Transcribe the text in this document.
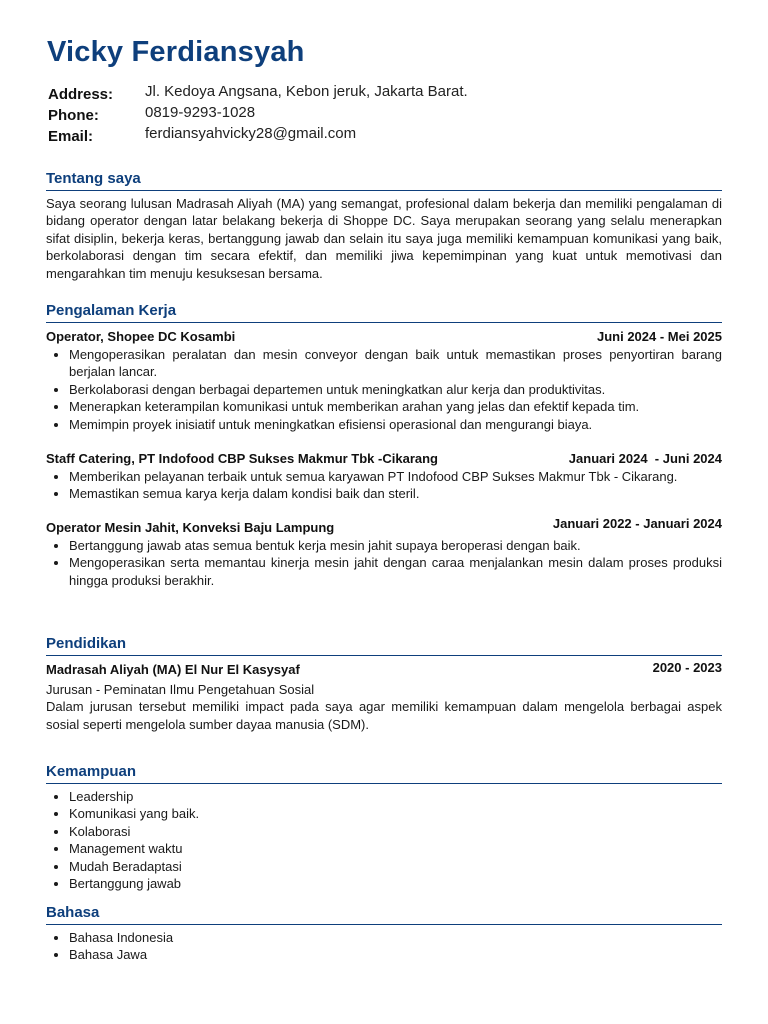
Vicky Ferdiansyah
Address:	Jl. Kedoya Angsana, Kebon jeruk, Jakarta Barat.
Phone:	0819-9293-1028
Email:	ferdiansyahvicky28@gmail.com
Tentang saya

Saya seorang lulusan Madrasah Aliyah (MA) yang semangat, profesional dalam bekerja dan memiliki pengalaman di bidang operator dengan latar belakang bekerja di Shoppe DC. Saya merupakan seorang yang selalu menerapkan sifat disiplin, bekerja keras, bertanggung jawab dan selain itu saya juga memiliki kemampuan komunikasi yang baik, berkolaborasi dengan tim secara efektif, dan memiliki jiwa kepemimpinan yang kuat untuk memotivasi dan mengarahkan tim menuju kesuksesan bersama.

Pengalaman Kerja
Operator, Shopee DC Kosambi	Juni 2024 - Mei 2025
• Mengoperasikan peralatan dan mesin conveyor dengan baik untuk memastikan proses penyortiran barang berjalan lancar.
• Berkolaborasi dengan berbagai departemen untuk meningkatkan alur kerja dan produktivitas.
• Menerapkan keterampilan komunikasi untuk memberikan arahan yang jelas dan efektif kepada tim.
• Memimpin proyek inisiatif untuk meningkatkan efisiensi operasional dan mengurangi biaya.
Staff Catering, PT Indofood CBP Sukses Makmur Tbk -Cikarang	Januari 2024  - Juni 2024
• Memberikan pelayanan terbaik untuk semua karyawan PT Indofood CBP Sukses Makmur Tbk - Cikarang.
• Memastikan semua karya kerja dalam kondisi baik dan steril.
Operator Mesin Jahit, Konveksi Baju Lampung	Januari 2022 - Januari 2024
• Bertanggung jawab atas semua bentuk kerja mesin jahit supaya beroperasi dengan baik.
• Mengoperasikan serta memantau kinerja mesin jahit dengan caraa menjalankan mesin dalam proses produksi hingga produksi berakhir.
Pendidikan
Madrasah Aliyah (MA) El Nur El Kasysyaf	2020 - 2023
Jurusan - Peminatan Ilmu Pengetahuan Sosial

Dalam jurusan tersebut memiliki impact pada saya agar memiliki kemampuan dalam mengelola berbagai aspek sosial seperti mengelola sumber dayaa manusia (SDM).

Kemampuan
• Leadership
• Komunikasi yang baik.
• Kolaborasi
• Management waktu
• Mudah Beradaptasi
• Bertanggung jawab
Bahasa
• Bahasa Indonesia
• Bahasa Jawa
